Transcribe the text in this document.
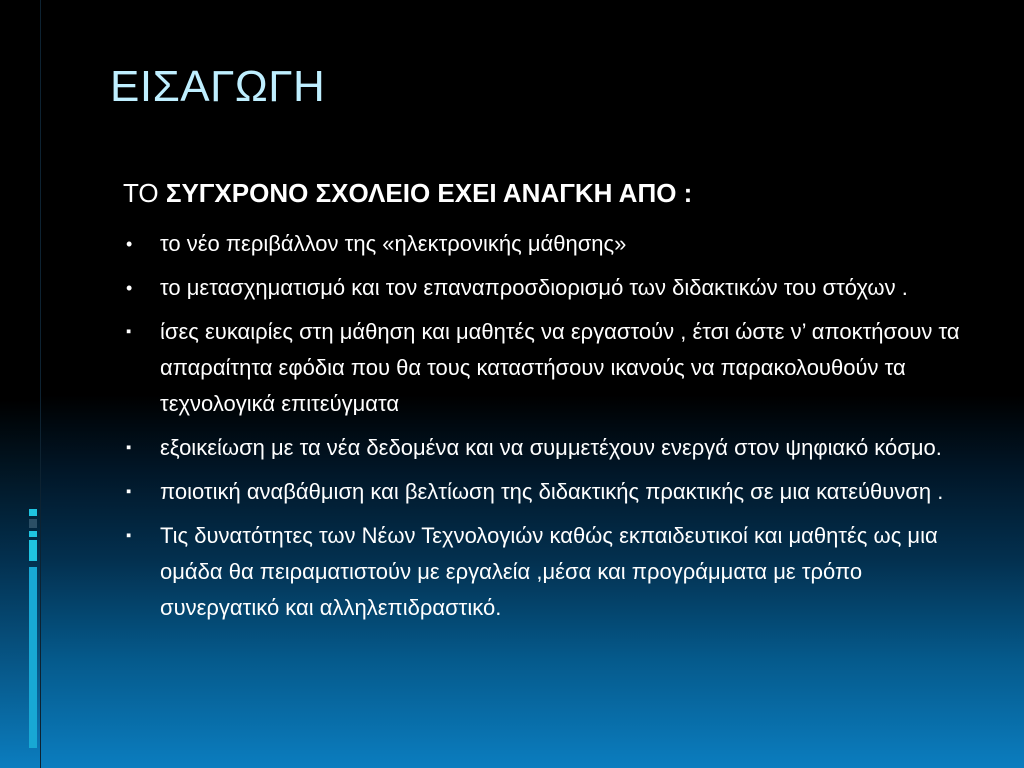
ΕΙΣΑΓΩΓΗ
ΤΟ ΣΥΓΧΡΟΝΟ ΣΧΟΛΕΙΟ ΕΧΕΙ ΑΝΑΓΚΗ ΑΠΟ :
• το νέο περιβάλλον της «ηλεκτρονικής μάθησης»
• το μετασχηματισμό και τον επαναπροσδιορισμό των διδακτικών του στόχων .
▪ ίσες ευκαιρίες στη μάθηση και μαθητές να εργαστούν , έτσι ώστε ν’ αποκτήσουν τα απαραίτητα εφόδια που θα τους καταστήσουν ικανούς να παρακολουθούν τα τεχνολογικά επιτεύγματα
▪ εξοικείωση με τα νέα δεδομένα και να συμμετέχουν ενεργά στον ψηφιακό κόσμο.
▪ ποιοτική αναβάθμιση και βελτίωση της διδακτικής πρακτικής σε μια κατεύθυνση .
▪ Τις δυνατότητες των Νέων Τεχνολογιών καθώς εκπαιδευτικοί και μαθητές ως μια ομάδα θα πειραματιστούν με εργαλεία ,μέσα και προγράμματα με τρόπο συνεργατικό και αλληλεπιδραστικό.
